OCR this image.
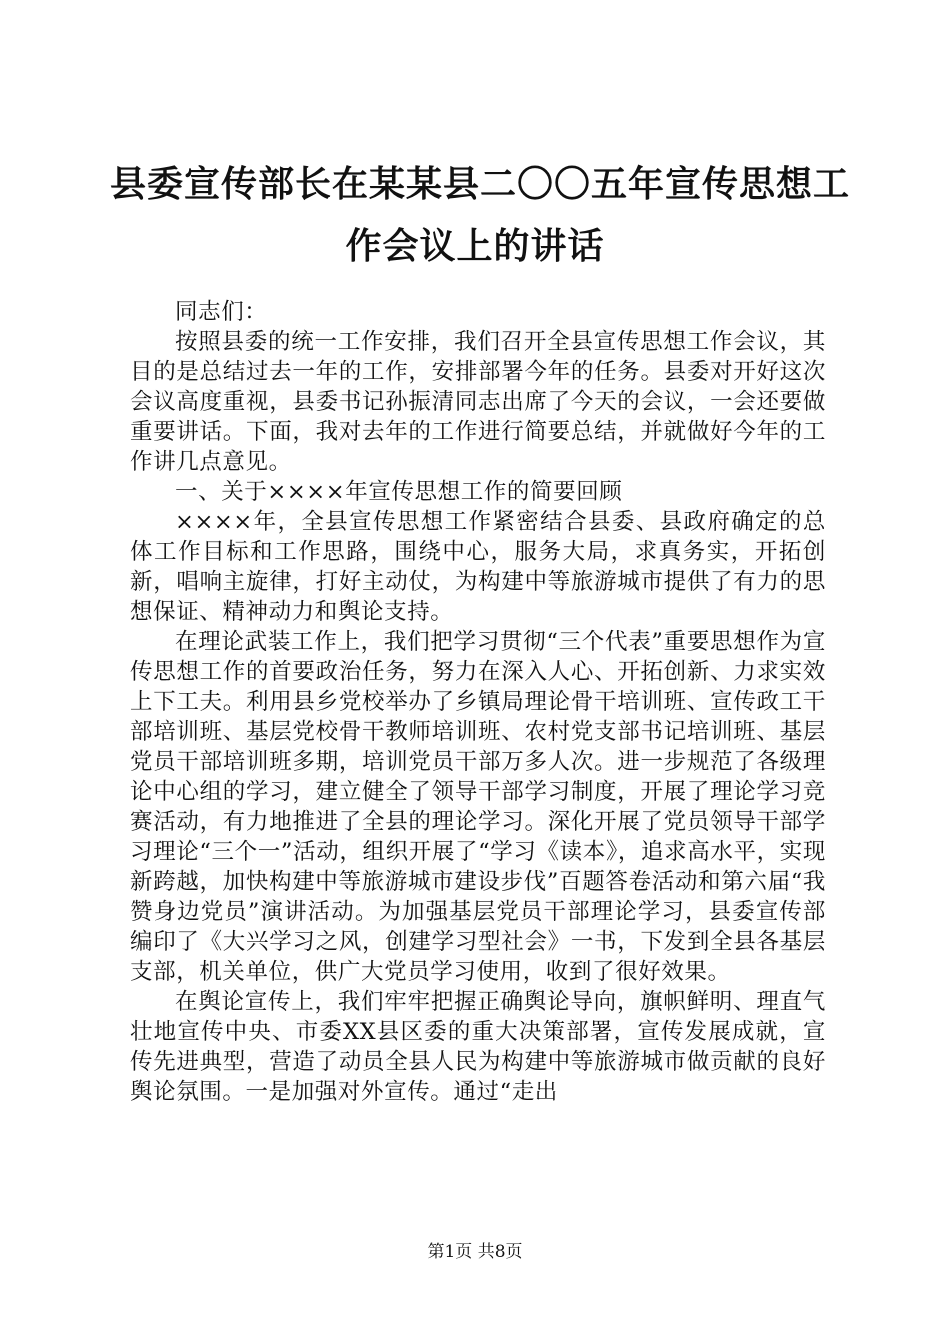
县委宣传部长在某某县二〇〇五年宣传思想工
作会议上的讲话

同志们：

按照县委的统一工作安排，我们召开全县宣传思想工作会议，其目的是总结过去一年的工作，安排部署今年的任务。县委对开好这次会议高度重视，县委书记孙振清同志出席了今天的会议，一会还要做重要讲话。下面，我对去年的工作进行简要总结，并就做好今年的工作讲几点意见。

一、关于××××年宣传思想工作的简要回顾

××××年，全县宣传思想工作紧密结合县委、县政府确定的总体工作目标和工作思路，围绕中心，服务大局，求真务实，开拓创新，唱响主旋律，打好主动仗，为构建中等旅游城市提供了有力的思想保证、精神动力和舆论支持。

在理论武装工作上，我们把学习贯彻“三个代表”重要思想作为宣传思想工作的首要政治任务，努力在深入人心、开拓创新、力求实效上下工夫。利用县乡党校举办了乡镇局理论骨干培训班、宣传政工干部培训班、基层党校骨干教师培训班、农村党支部书记培训班、基层党员干部培训班多期，培训党员干部万多人次。进一步规范了各级理论中心组的学习，建立健全了领导干部学习制度，开展了理论学习竞赛活动，有力地推进了全县的理论学习。深化开展了党员领导干部学习理论“三个一”活动，组织开展了“学习《读本》，追求高水平，实现新跨越，加快构建中等旅游城市建设步伐”百题答卷活动和第六届“我赞身边党员”演讲活动。为加强基层党员干部理论学习，县委宣传部编印了《大兴学习之风，创建学习型社会》一书，下发到全县各基层支部，机关单位，供广大党员学习使用，收到了很好效果。

在舆论宣传上，我们牢牢把握正确舆论导向，旗帜鲜明、理直气壮地宣传中央、市委XX县区委的重大决策部署，宣传发展成就，宣传先进典型，营造了动员全县人民为构建中等旅游城市做贡献的良好舆论氛围。一是加强对外宣传。通过“走出

第1页 共8页
